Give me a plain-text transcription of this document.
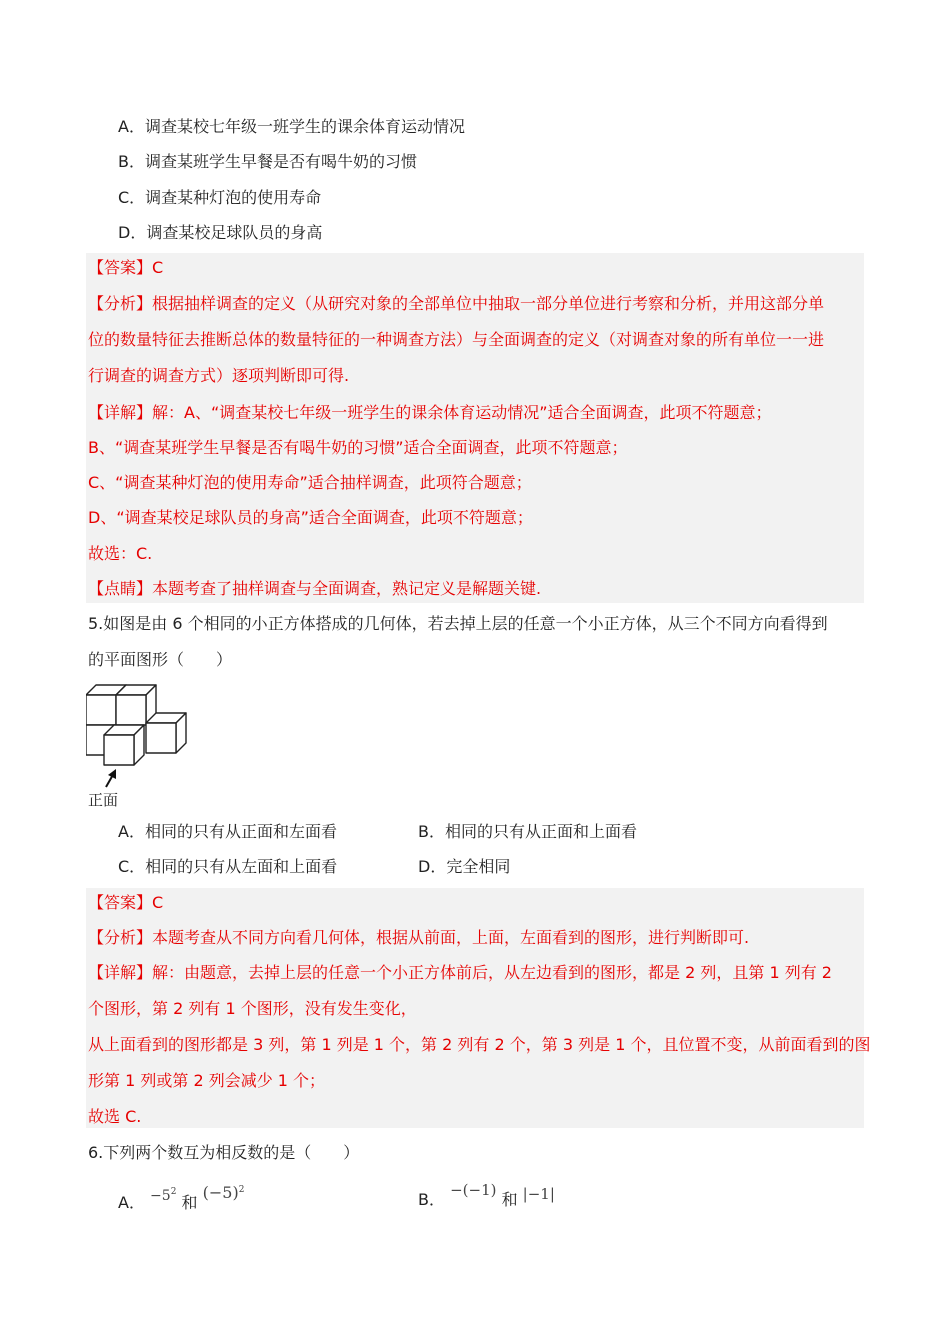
A．调查某校七年级一班学生的课余体育运动情况
B．调查某班学生早餐是否有喝牛奶的习惯
C．调查某种灯泡的使用寿命
D．调查某校足球队员的身高
【答案】C
【分析】根据抽样调查的定义（从研究对象的全部单位中抽取一部分单位进行考察和分析，并用这部分单
位的数量特征去推断总体的数量特征的一种调查方法）与全面调查的定义（对调查对象的所有单位一一进
行调查的调查方式）逐项判断即可得.
【详解】解：A、“调查某校七年级一班学生的课余体育运动情况”适合全面调查，此项不符题意；
B、“调查某班学生早餐是否有喝牛奶的习惯”适合全面调查，此项不符题意；
C、“调查某种灯泡的使用寿命”适合抽样调查，此项符合题意；
D、“调查某校足球队员的身高”适合全面调查，此项不符题意；
故选：C.
【点睛】本题考查了抽样调查与全面调查，熟记定义是解题关键.
5.如图是由 6 个相同的小正方体搭成的几何体，若去掉上层的任意一个小正方体，从三个不同方向看得到
的平面图形（　　）
正面
A．相同的只有从正面和左面看	B．相同的只有从正面和上面看
C．相同的只有从左面和上面看	D．完全相同
【答案】C
【分析】本题考查从不同方向看几何体，根据从前面，上面，左面看到的图形，进行判断即可.
【详解】解：由题意，去掉上层的任意一个小正方体前后，从左边看到的图形，都是 2 列，且第 1 列有 2
个图形，第 2 列有 1 个图形，没有发生变化，
从上面看到的图形都是 3 列，第 1 列是 1 个，第 2 列有 2 个，第 3 列是 1 个，且位置不变，从前面看到的图
形第 1 列或第 2 列会减少 1 个；
故选 C.
6.下列两个数互为相反数的是（　　）
A． $-5^2$ 和 $(-5)^2$	B． −(−1) 和 |−1|
